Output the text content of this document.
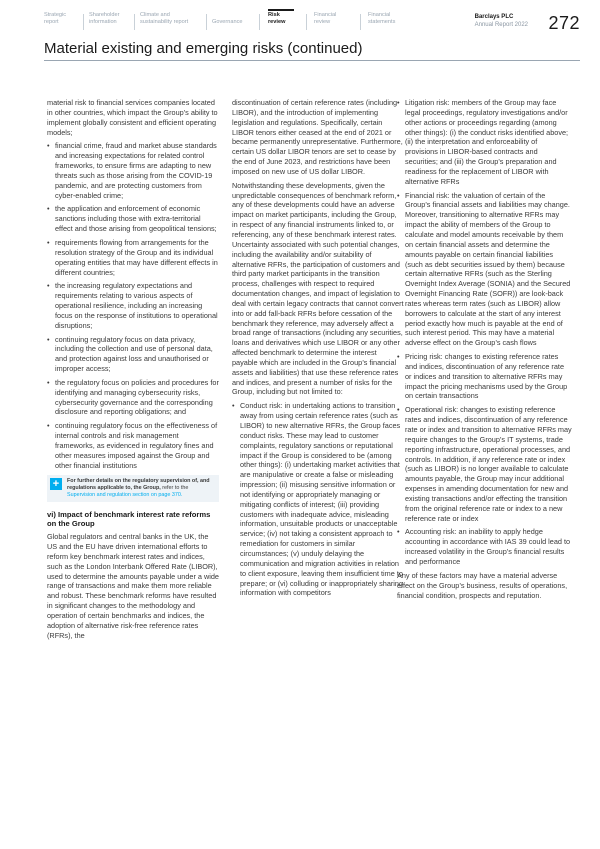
Strategic
report
Shareholder
information
Climate and
sustainability report	Governance
Risk
review
Financial
review
Financial
statements
Barclays PLC
Annual Report 2022 272
Material existing and emerging risks (continued)

material risk to financial services companies located in other countries, which impact the Group’s ability to implement globally consistent and efficient operating models;

• financial crime, fraud and market abuse standards and increasing expectations for related control frameworks, to ensure firms are adapting to new threats such as those arising from the COVID-19 pandemic, and are protecting customers from cyber-enabled crime;
• the application and enforcement of economic sanctions including those with extra-territorial effect and those arising from geopolitical tensions;
• requirements flowing from arrangements for the resolution strategy of the Group and its individual operating entities that may have different effects in different countries;
• the increasing regulatory expectations and requirements relating to various aspects of operational resilience, including an increasing focus on the response of institutions to operational disruptions;
• continuing regulatory focus on data privacy, including the collection and use of personal data, and protection against loss and unauthorised or improper access;
• the regulatory focus on policies and procedures for identifying and managing cybersecurity risks, cybersecurity governance and the corresponding disclosure and reporting obligations; and
• continuing regulatory focus on the effectiveness of internal controls and risk management frameworks, as evidenced in regulatory fines and other measures imposed against the Group and other financial institutions
+	For further details on the regulatory supervision of, and regulations applicable to, the Group, refer to the Supervision and regulation section on page 370.
vi) Impact of benchmark interest rate reforms on the Group

Global regulators and central banks in the UK, the US and the EU have driven international efforts to reform key benchmark interest rates and indices, such as the London Interbank Offered Rate (LIBOR), used to determine the amounts payable under a wide range of transactions and make them more reliable and robust. These benchmark reforms have resulted in significant changes to the methodology and operation of certain benchmarks and indices, the adoption of alternative risk-free reference rates (RFRs), the

discontinuation of certain reference rates (including LIBOR), and the introduction of implementing legislation and regulations. Specifically, certain LIBOR tenors either ceased at the end of 2021 or became permanently unrepresentative. Furthermore, certain US dollar LIBOR tenors are set to cease by the end of June 2023, and restrictions have been imposed on new use of US dollar LIBOR.

Notwithstanding these developments, given the unpredictable consequences of benchmark reform, any of these developments could have an adverse impact on market participants, including the Group, in respect of any financial instruments linked to, or referencing, any of these benchmark interest rates. Uncertainty associated with such potential changes, including the availability and/or suitability of alternative RFRs, the participation of customers and third party market participants in the transition process, challenges with respect to required documentation changes, and impact of legislation to deal with certain legacy contracts that cannot convert into or add fall-back RFRs before cessation of the benchmark they reference, may adversely affect a broad range of transactions (including any securities, loans and derivatives which use LIBOR or any other affected benchmark to determine the interest payable which are included in the Group’s financial assets and liabilities) that use these reference rates and indices, and present a number of risks for the Group, including but not limited to:

• Conduct risk: in undertaking actions to transition away from using certain reference rates (such as LIBOR) to new alternative RFRs, the Group faces conduct risks. These may lead to customer complaints, regulatory sanctions or reputational impact if the Group is considered to be (among other things): (i) undertaking market activities that are manipulative or create a false or misleading impression; (ii) misusing sensitive information or not identifying or appropriately managing or mitigating conflicts of interest; (iii) providing customers with inadequate advice, misleading information, unsuitable products or unacceptable service; (iv) not taking a consistent approach to remediation for customers in similar circumstances; (v) unduly delaying the communication and migration activities in relation to client exposure, leaving them insufficient time to prepare; or (vi) colluding or inappropriately sharing information with competitors
• Litigation risk: members of the Group may face legal proceedings, regulatory investigations and/or other actions or proceedings regarding (among other things): (i) the conduct risks identified above; (ii) the interpretation and enforceability of provisions in LIBOR-based contracts and securities; and (iii) the Group’s preparation and readiness for the replacement of LIBOR with alternative RFRs
• Financial risk: the valuation of certain of the Group’s financial assets and liabilities may change. Moreover, transitioning to alternative RFRs may impact the ability of members of the Group to calculate and model amounts receivable by them on certain financial assets and determine the amounts payable on certain financial liabilities (such as debt securities issued by them) because certain alternative RFRs (such as the Sterling Overnight Index Average (SONIA) and the Secured Overnight Financing Rate (SOFR)) are look-back rates whereas term rates (such as LIBOR) allow borrowers to calculate at the start of any interest period exactly how much is payable at the end of such interest period. This may have a material adverse effect on the Group’s cash flows
• Pricing risk: changes to existing reference rates and indices, discontinuation of any reference rate or indices and transition to alternative RFRs may impact the pricing mechanisms used by the Group on certain transactions
• Operational risk: changes to existing reference rates and indices, discontinuation of any reference rate or index and transition to alternative RFRs may require changes to the Group’s IT systems, trade reporting infrastructure, operational processes, and controls. In addition, if any reference rate or index (such as LIBOR) is no longer available to calculate amounts payable, the Group may incur additional expenses in amending documentation for new and existing transactions and/or effecting the transition from the original reference rate or index to a new reference rate or index
• Accounting risk: an inability to apply hedge accounting in accordance with IAS 39 could lead to increased volatility in the Group’s financial results and performance

Any of these factors may have a material adverse effect on the Group’s business, results of operations, financial condition, prospects and reputation.
